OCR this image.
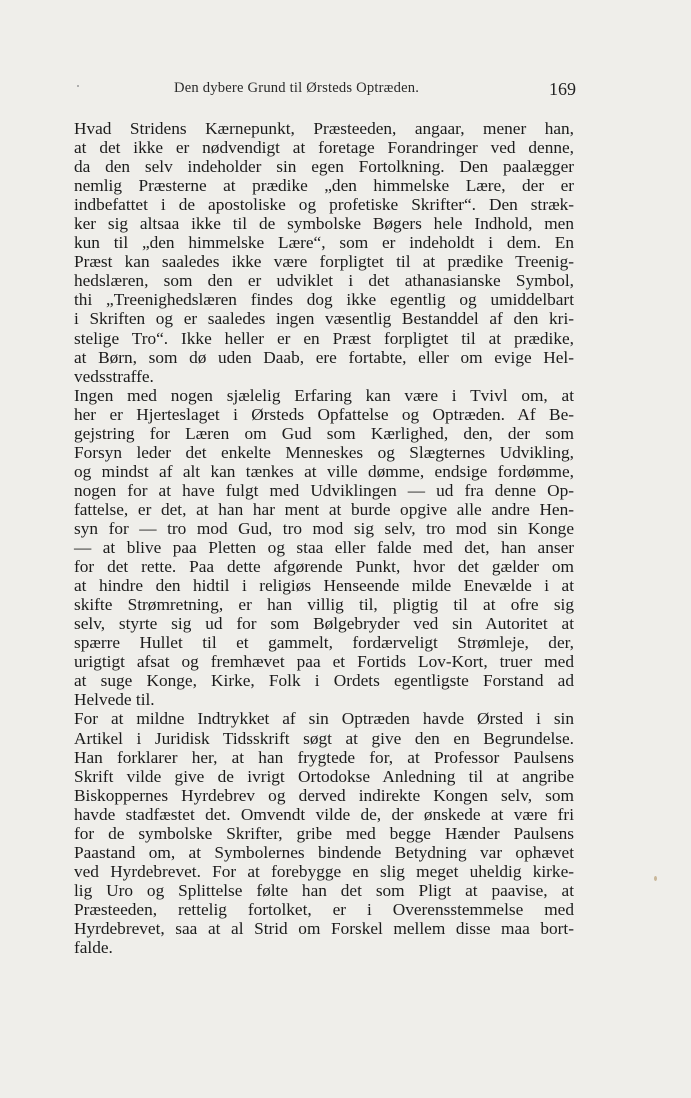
Den dybere Grund til Ørsteds Optræden.	169

Hvad Stridens Kærnepunkt, Præsteeden, angaar, mener han,
at det ikke er nødvendigt at foretage Forandringer ved denne,
da den selv indeholder sin egen Fortolkning. Den paalægger
nemlig Præsterne at prædike „den himmelske Lære, der er
indbefattet i de apostoliske og profetiske Skrifter“. Den stræk-
ker sig altsaa ikke til de symbolske Bøgers hele Indhold, men
kun til „den himmelske Lære“, som er indeholdt i dem. En
Præst kan saaledes ikke være forpligtet til at prædike Treenig-
hedslæren, som den er udviklet i det athanasianske Symbol,
thi „Treenighedslæren findes dog ikke egentlig og umiddelbart
i Skriften og er saaledes ingen væsentlig Bestanddel af den kri-
stelige Tro“. Ikke heller er en Præst forpligtet til at prædike,
at Børn, som dø uden Daab, ere fortabte, eller om evige Hel-
vedsstraffe.

Ingen med nogen sjælelig Erfaring kan være i Tvivl om, at
her er Hjerteslaget i Ørsteds Opfattelse og Optræden. Af Be-
gejstring for Læren om Gud som Kærlighed, den, der som
Forsyn leder det enkelte Menneskes og Slægternes Udvikling,
og mindst af alt kan tænkes at ville dømme, endsige fordømme,
nogen for at have fulgt med Udviklingen — ud fra denne Op-
fattelse, er det, at han har ment at burde opgive alle andre Hen-
syn for — tro mod Gud, tro mod sig selv, tro mod sin Konge
— at blive paa Pletten og staa eller falde med det, han anser
for det rette. Paa dette afgørende Punkt, hvor det gælder om
at hindre den hidtil i religiøs Henseende milde Enevælde i at
skifte Strømretning, er han villig til, pligtig til at ofre sig
selv, styrte sig ud for som Bølgebryder ved sin Autoritet at
spærre Hullet til et gammelt, fordærveligt Strømleje, der,
urigtigt afsat og fremhævet paa et Fortids Lov-Kort, truer med
at suge Konge, Kirke, Folk i Ordets egentligste Forstand ad
Helvede til.

For at mildne Indtrykket af sin Optræden havde Ørsted i sin
Artikel i Juridisk Tidsskrift søgt at give den en Begrundelse.
Han forklarer her, at han frygtede for, at Professor Paulsens
Skrift vilde give de ivrigt Ortodokse Anledning til at angribe
Biskoppernes Hyrdebrev og derved indirekte Kongen selv, som
havde stadfæstet det. Omvendt vilde de, der ønskede at være fri
for de symbolske Skrifter, gribe med begge Hænder Paulsens
Paastand om, at Symbolernes bindende Betydning var ophævet
ved Hyrdebrevet. For at forebygge en slig meget uheldig kirke-
lig Uro og Splittelse følte han det som Pligt at paavise, at
Præsteeden, rettelig fortolket, er i Overensstemmelse med
Hyrdebrevet, saa at al Strid om Forskel mellem disse maa bort-
falde.
